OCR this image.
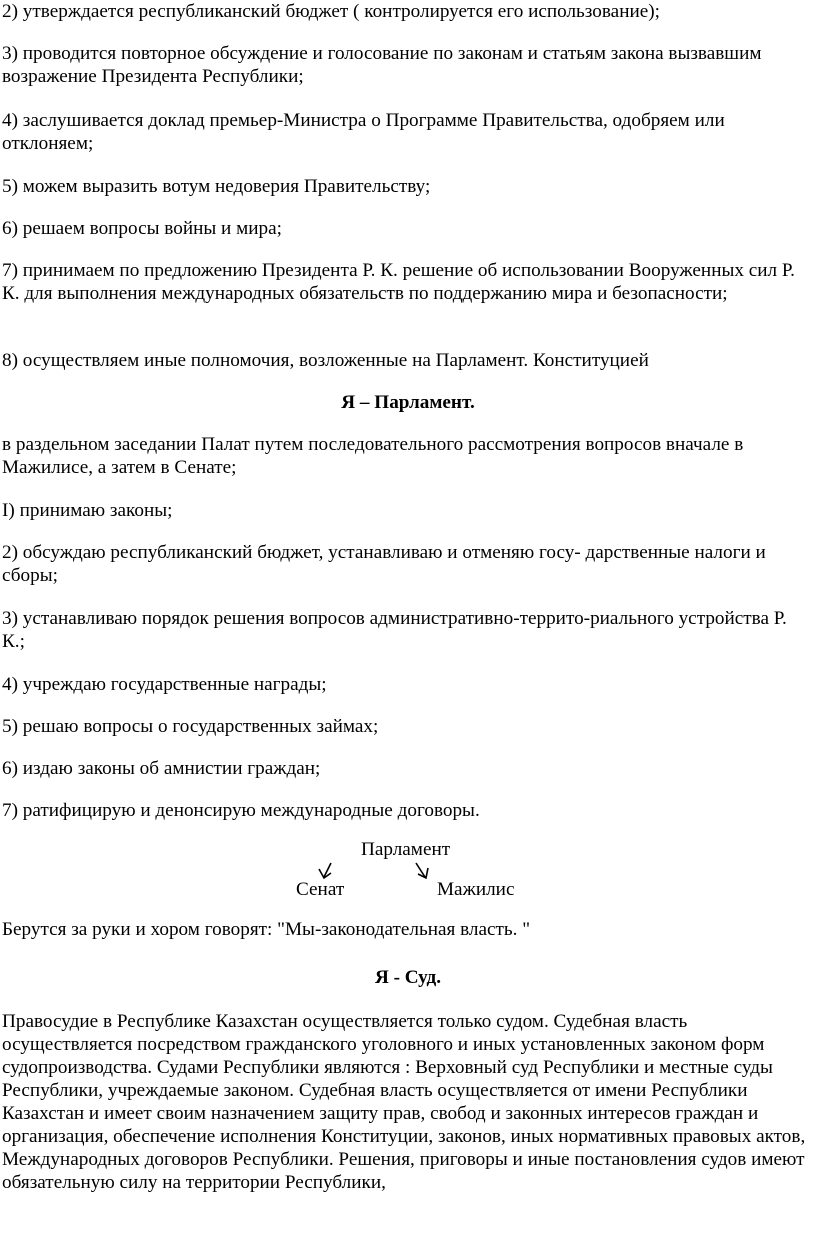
2) утверждается республиканский бюджет ( контролируется его использование);

3) проводится повторное обсуждение и голосование по законам и статьям закона вызвавшим возражение Президента Республики;

4) заслушивается доклад премьер-Министра о Программе Правительства, одобряем или отклоняем;

5) можем выразить вотум недоверия Правительству;

6) решаем вопросы войны и мира;

7) принимаем по предложению Президента Р. К. решение об использовании Вооруженных сил Р. К. для выполнения международных обязательств по поддержанию мира и безопасности;

8) осуществляем иные полномочия, возложенные на Парламент. Конституцией

Я – Парламент.

в раздельном заседании Палат путем последовательного рассмотрения вопросов вначале в Мажилисе, а затем в Сенате;

I) принимаю законы;

2) обсуждаю республиканский бюджет, устанавливаю и отменяю госу- дарственные налоги и сборы;

3) устанавливаю порядок решения вопросов административно-террито-риального устройства Р. К.;

4) учреждаю государственные награды;

5) решаю вопросы о государственных займах;

6) издаю законы об амнистии граждан;

7) ратифицирую и денонсирую международные договоры.

Парламент
Сенат	Мажилис

Берутся за руки и хором говорят: "Мы-законодательная власть. "

Я - Суд.

Правосудие в Республике Казахстан осуществляется только судом. Судебная власть осуществляется посредством гражданского уголовного и иных установленных законом форм судопроизводства. Судами Республики являются : Верховный суд Республики и местные суды Республики, учреждаемые законом. Судебная власть осуществляется от имени Республики Казахстан и имеет своим назначением защиту прав, свобод и законных интересов граждан и организация, обеспечение исполнения Конституции, законов, иных нормативных правовых актов, Международных договоров Республики. Решения, приговоры и иные постановления судов имеют обязательную силу на территории Республики,
